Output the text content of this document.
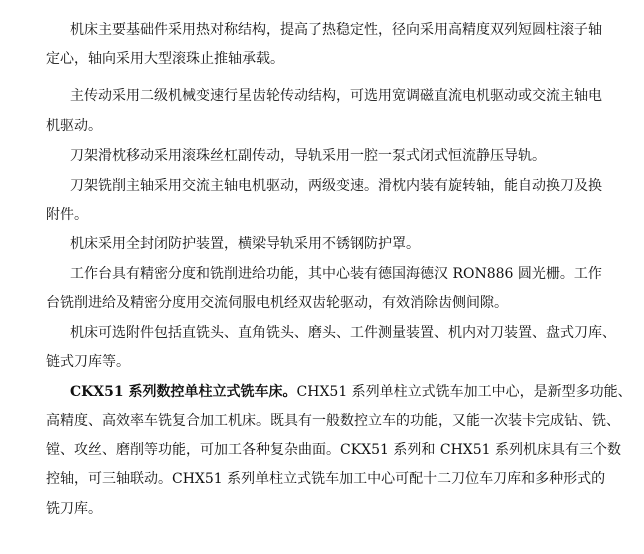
机床主要基础件采用热对称结构，提高了热稳定性，径向采用高精度双列短圆柱滚子轴
定心，轴向采用大型滚珠止推轴承载。
主传动采用二级机械变速行星齿轮传动结构，可选用宽调磁直流电机驱动或交流主轴电
机驱动。
刀架滑枕移动采用滚珠丝杠副传动，导轨采用一腔一泵式闭式恒流静压导轨。
刀架铣削主轴采用交流主轴电机驱动，两级变速。滑枕内装有旋转轴，能自动换刀及换
附件。
机床采用全封闭防护装置，横梁导轨采用不锈钢防护罩。
工作台具有精密分度和铣削进给功能，其中心装有德国海德汉 RON886 圆光栅。工作
台铣削进给及精密分度用交流伺服电机经双齿轮驱动，有效消除齿侧间隙。
机床可选附件包括直铣头、直角铣头、磨头、工件测量装置、机内对刀装置、盘式刀库、
链式刀库等。
CKX51 系列数控单柱立式铣车床。CHX51 系列单柱立式铣车加工中心，是新型多功能、
高精度、高效率车铣复合加工机床。既具有一般数控立车的功能，又能一次装卡完成钻、铣、
镗、攻丝、磨削等功能，可加工各种复杂曲面。CKX51 系列和 CHX51 系列机床具有三个数
控轴，可三轴联动。CHX51 系列单柱立式铣车加工中心可配十二刀位车刀库和多种形式的
铣刀库。
